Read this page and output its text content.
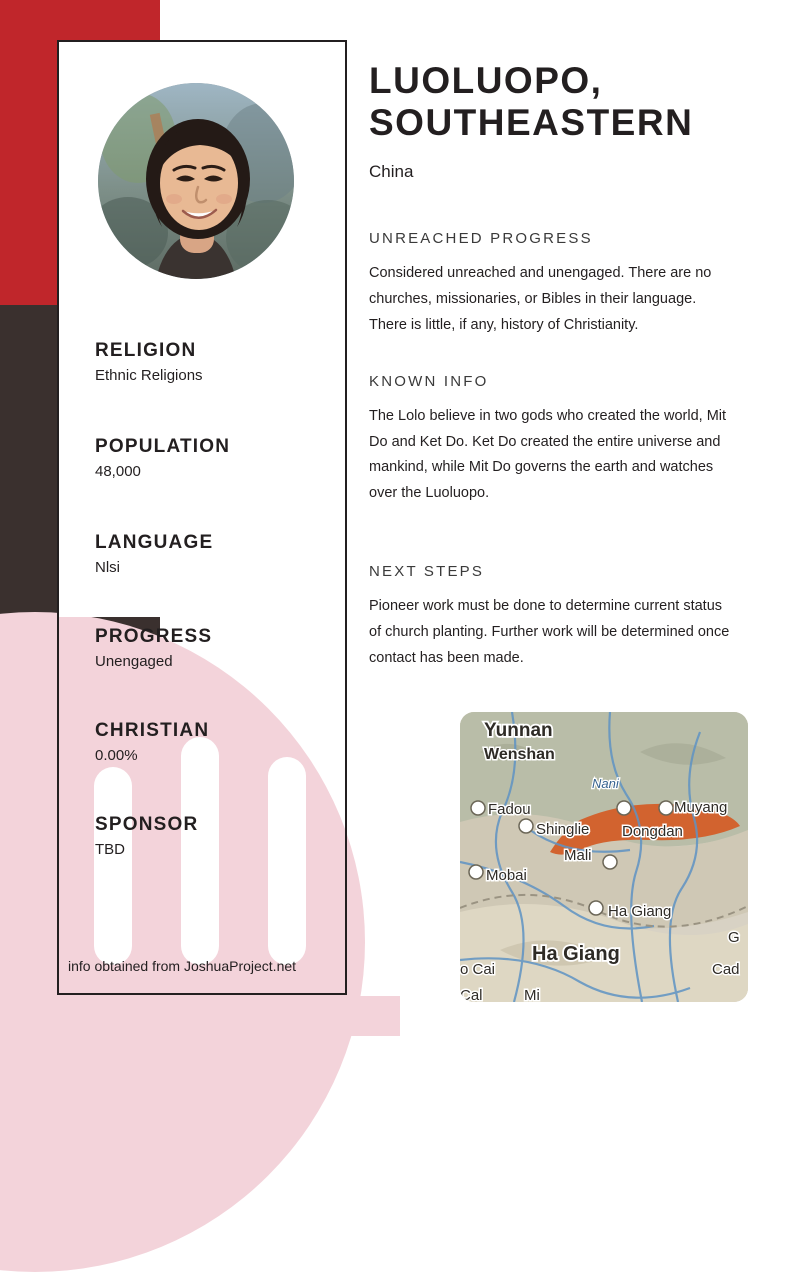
RELIGION

Ethnic Religions

POPULATION

48,000

LANGUAGE

Nlsi

PROGRESS

Unengaged

CHRISTIAN

0.00%

SPONSOR

TBD

info obtained from JoshuaProject.net
LUOLUOPO, SOUTHEASTERN

China

UNREACHED PROGRESS

Considered unreached and unengaged. There are no churches, missionaries, or Bibles in their language. There is little, if any, history of Christianity.

KNOWN INFO

The Lolo believe in two gods who created the world, Mit Do and Ket Do. Ket Do created the entire universe and mankind, while Mit Do governs the earth and watches over the Luoluopo.

NEXT STEPS

Pioneer work must be done to determine current status of church planting. Further work will be determined once contact has been made.

Yunnan
Wenshan
Nani
Fadou
Shinglie
Mali
Mobai
Muyang
Dongdan
Ha Giang
Ha Giang
o Cai	Cad
Cal	Mi
G
